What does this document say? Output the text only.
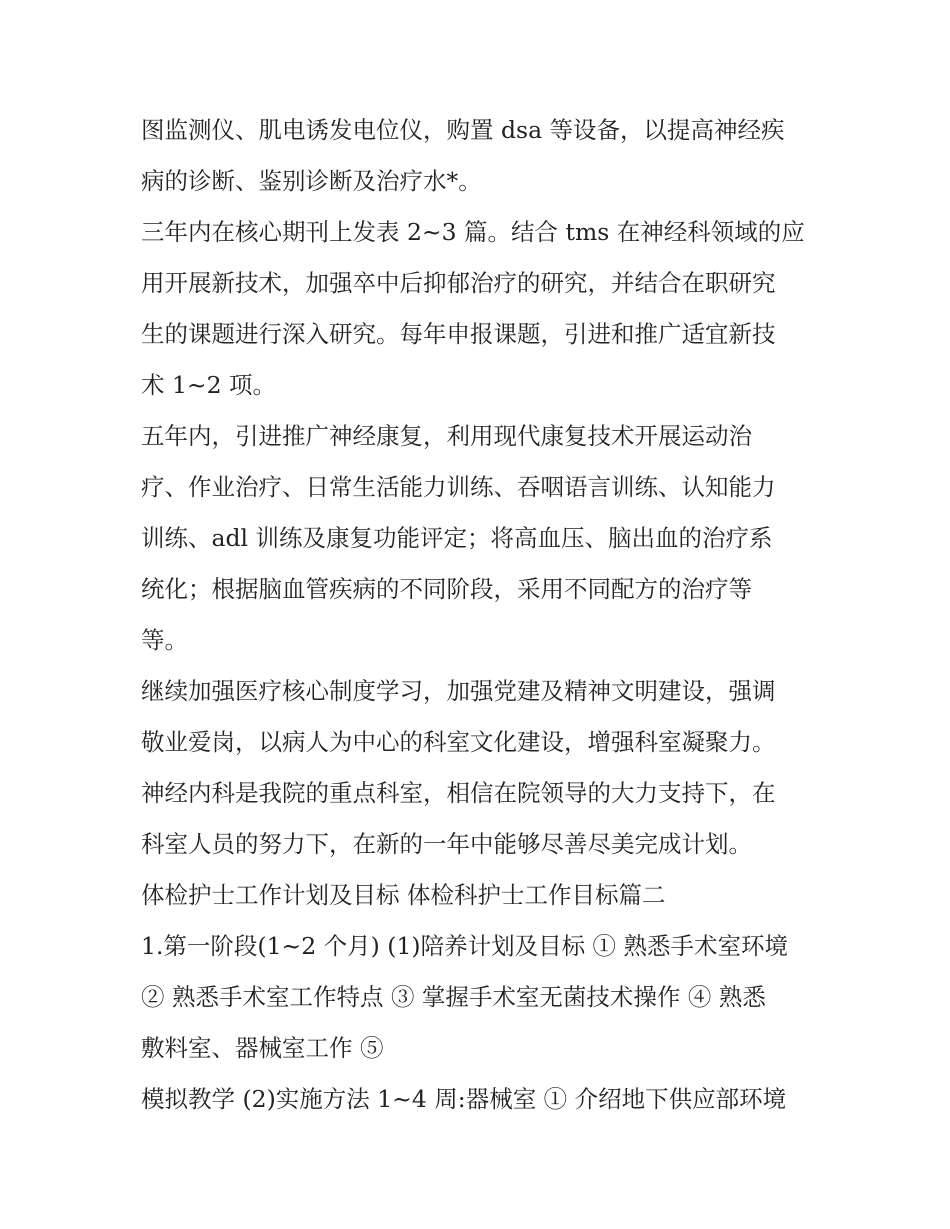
图监测仪、肌电诱发电位仪，购置 dsa 等设备，以提高神经疾
病的诊断、鉴别诊断及治疗水*。
三年内在核心期刊上发表 2~3 篇。结合 tms 在神经科领域的应
用开展新技术，加强卒中后抑郁治疗的研究，并结合在职研究
生的课题进行深入研究。每年申报课题，引进和推广适宜新技
术 1~2 项。
五年内，引进推广神经康复，利用现代康复技术开展运动治
疗、作业治疗、日常生活能力训练、吞咽语言训练、认知能力
训练、adl 训练及康复功能评定；将高血压、脑出血的治疗系
统化；根据脑血管疾病的不同阶段，采用不同配方的治疗等
等。
继续加强医疗核心制度学习，加强党建及精神文明建设，强调
敬业爱岗，以病人为中心的科室文化建设，增强科室凝聚力。
神经内科是我院的重点科室，相信在院领导的大力支持下，在
科室人员的努力下，在新的一年中能够尽善尽美完成计划。
体检护士工作计划及目标 体检科护士工作目标篇二
1.第一阶段(1~2 个月) (1)陪养计划及目标 ① 熟悉手术室环境
② 熟悉手术室工作特点 ③ 掌握手术室无菌技术操作 ④ 熟悉
敷料室、器械室工作 ⑤
模拟教学 (2)实施方法 1~4 周:器械室 ① 介绍地下供应部环境
